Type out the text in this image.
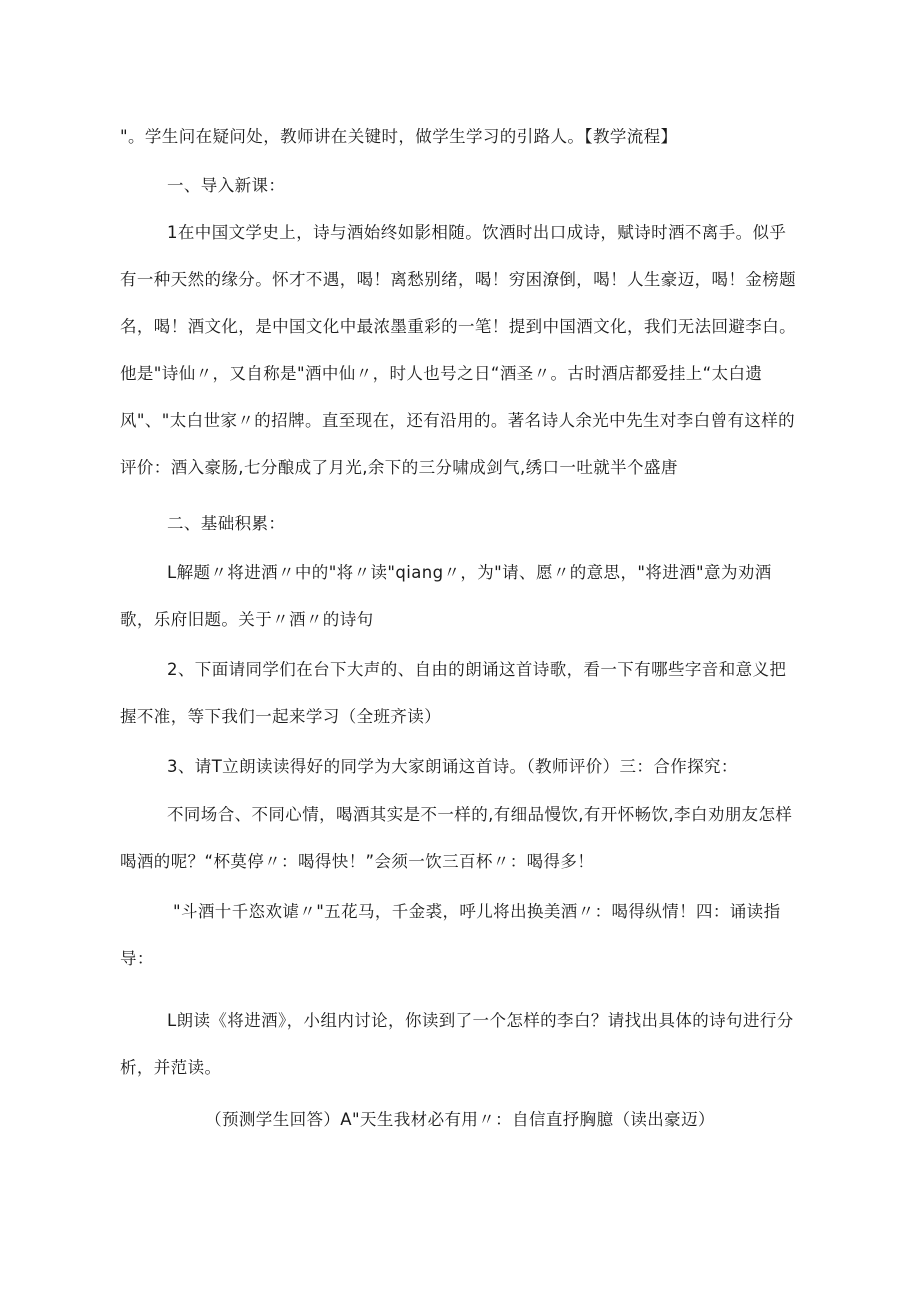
"。学生问在疑问处，教师讲在关键时，做学生学习的引路人。【教学流程】

一、导入新课：

1在中国文学史上，诗与酒始终如影相随。饮酒时出口成诗，赋诗时酒不离手。似乎有一种天然的缘分。怀才不遇，喝！离愁别绪，喝！穷困潦倒，喝！人生豪迈，喝！金榜题名，喝！酒文化，是中国文化中最浓墨重彩的一笔！提到中国酒文化，我们无法回避李白。他是"诗仙〃，又自称是"酒中仙〃，时人也号之日“酒圣〃。古时酒店都爱挂上“太白遗风"、"太白世家〃的招牌。直至现在，还有沿用的。著名诗人余光中先生对李白曾有这样的评价：酒入豪肠,七分酿成了月光,余下的三分啸成剑气,绣口一吐就半个盛唐

二、基础积累：

L解题〃将进酒〃中的"将〃读"qiang〃，为"请、愿〃的意思，"将进酒"意为劝酒歌，乐府旧题。关于〃酒〃的诗句

2、下面请同学们在台下大声的、自由的朗诵这首诗歌，看一下有哪些字音和意义把握不准，等下我们一起来学习（全班齐读）

3、请T立朗读读得好的同学为大家朗诵这首诗。（教师评价）三：合作探究：

不同场合、不同心情，喝酒其实是不一样的,有细品慢饮,有开怀畅饮,李白劝朋友怎样喝酒的呢？“杯莫停〃：喝得快！”会须一饮三百杯〃：喝得多！

"斗酒十千恣欢谑〃"五花马，千金裘，呼儿将出换美酒〃：喝得纵情！四：诵读指导：

L朗读《将进酒》，小组内讨论，你读到了一个怎样的李白？请找出具体的诗句进行分析，并范读。

（预测学生回答）A"天生我材必有用〃：自信直抒胸臆（读出豪迈）
